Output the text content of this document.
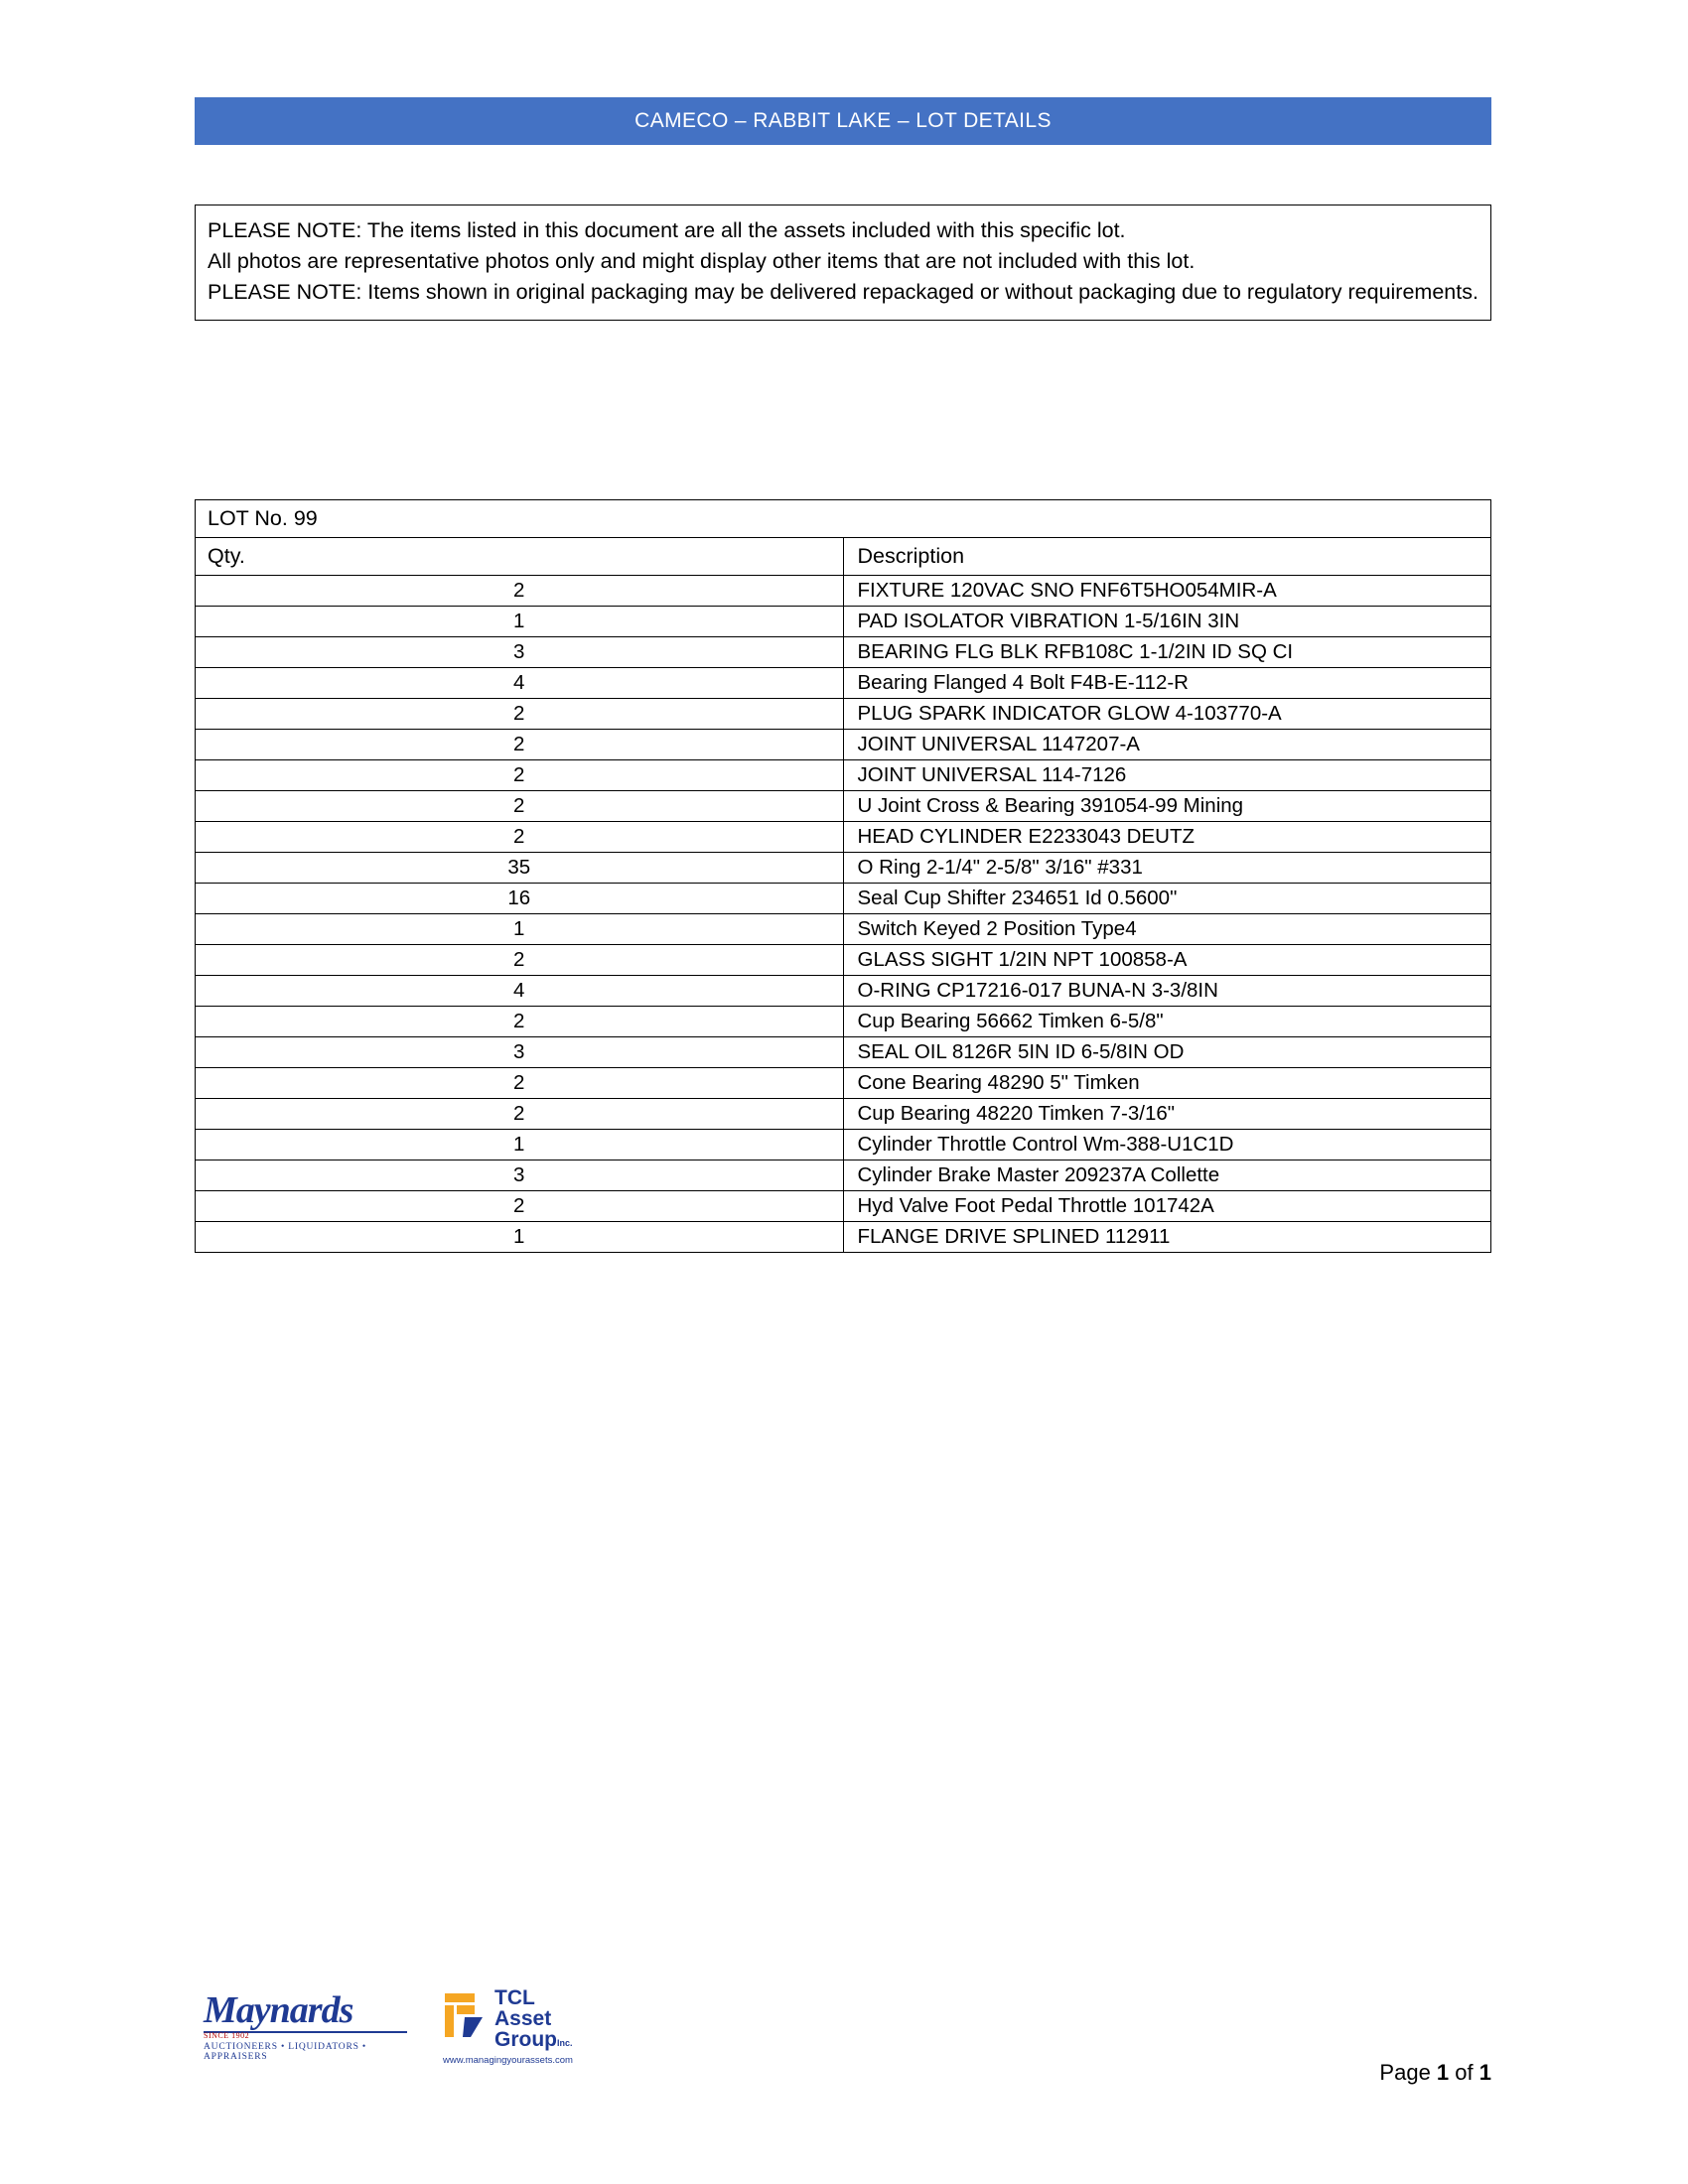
CAMECO – RABBIT LAKE – LOT DETAILS
PLEASE NOTE: The items listed in this document are all the assets included with this specific lot.
All photos are representative photos only and might display other items that are not included with this lot.
PLEASE NOTE: Items shown in original packaging may be delivered repackaged or without packaging due to regulatory requirements.
LOT No. 99	
Qty.	Description
2	FIXTURE 120VAC SNO FNF6T5HO054MIR-A
1	PAD ISOLATOR VIBRATION 1-5/16IN 3IN
3	BEARING FLG BLK RFB108C 1-1/2IN ID SQ CI
4	Bearing Flanged 4 Bolt F4B-E-112-R
2	PLUG SPARK INDICATOR GLOW 4-103770-A
2	JOINT UNIVERSAL 1147207-A
2	JOINT UNIVERSAL 114-7126
2	U Joint Cross & Bearing 391054-99 Mining
2	HEAD CYLINDER E2233043 DEUTZ
35	O Ring 2-1/4" 2-5/8" 3/16" #331
16	Seal Cup Shifter 234651 Id 0.5600"
1	Switch Keyed 2 Position Type4
2	GLASS SIGHT 1/2IN NPT 100858-A
4	O-RING CP17216-017 BUNA-N 3-3/8IN
2	Cup Bearing 56662 Timken 6-5/8"
3	SEAL OIL 8126R 5IN ID 6-5/8IN OD
2	Cone Bearing 48290 5" Timken
2	Cup Bearing 48220 Timken 7-3/16"
1	Cylinder Throttle Control Wm-388-U1C1D
3	Cylinder Brake Master 209237A Collette
2	Hyd Valve Foot Pedal Throttle 101742A
1	FLANGE DRIVE SPLINED 112911
Maynards
SINCE 1902
AUCTIONEERS • LIQUIDATORS • APPRAISERS
TCL
Asset
GroupInc.
www.managingyourassets.com	Page 1 of 1
